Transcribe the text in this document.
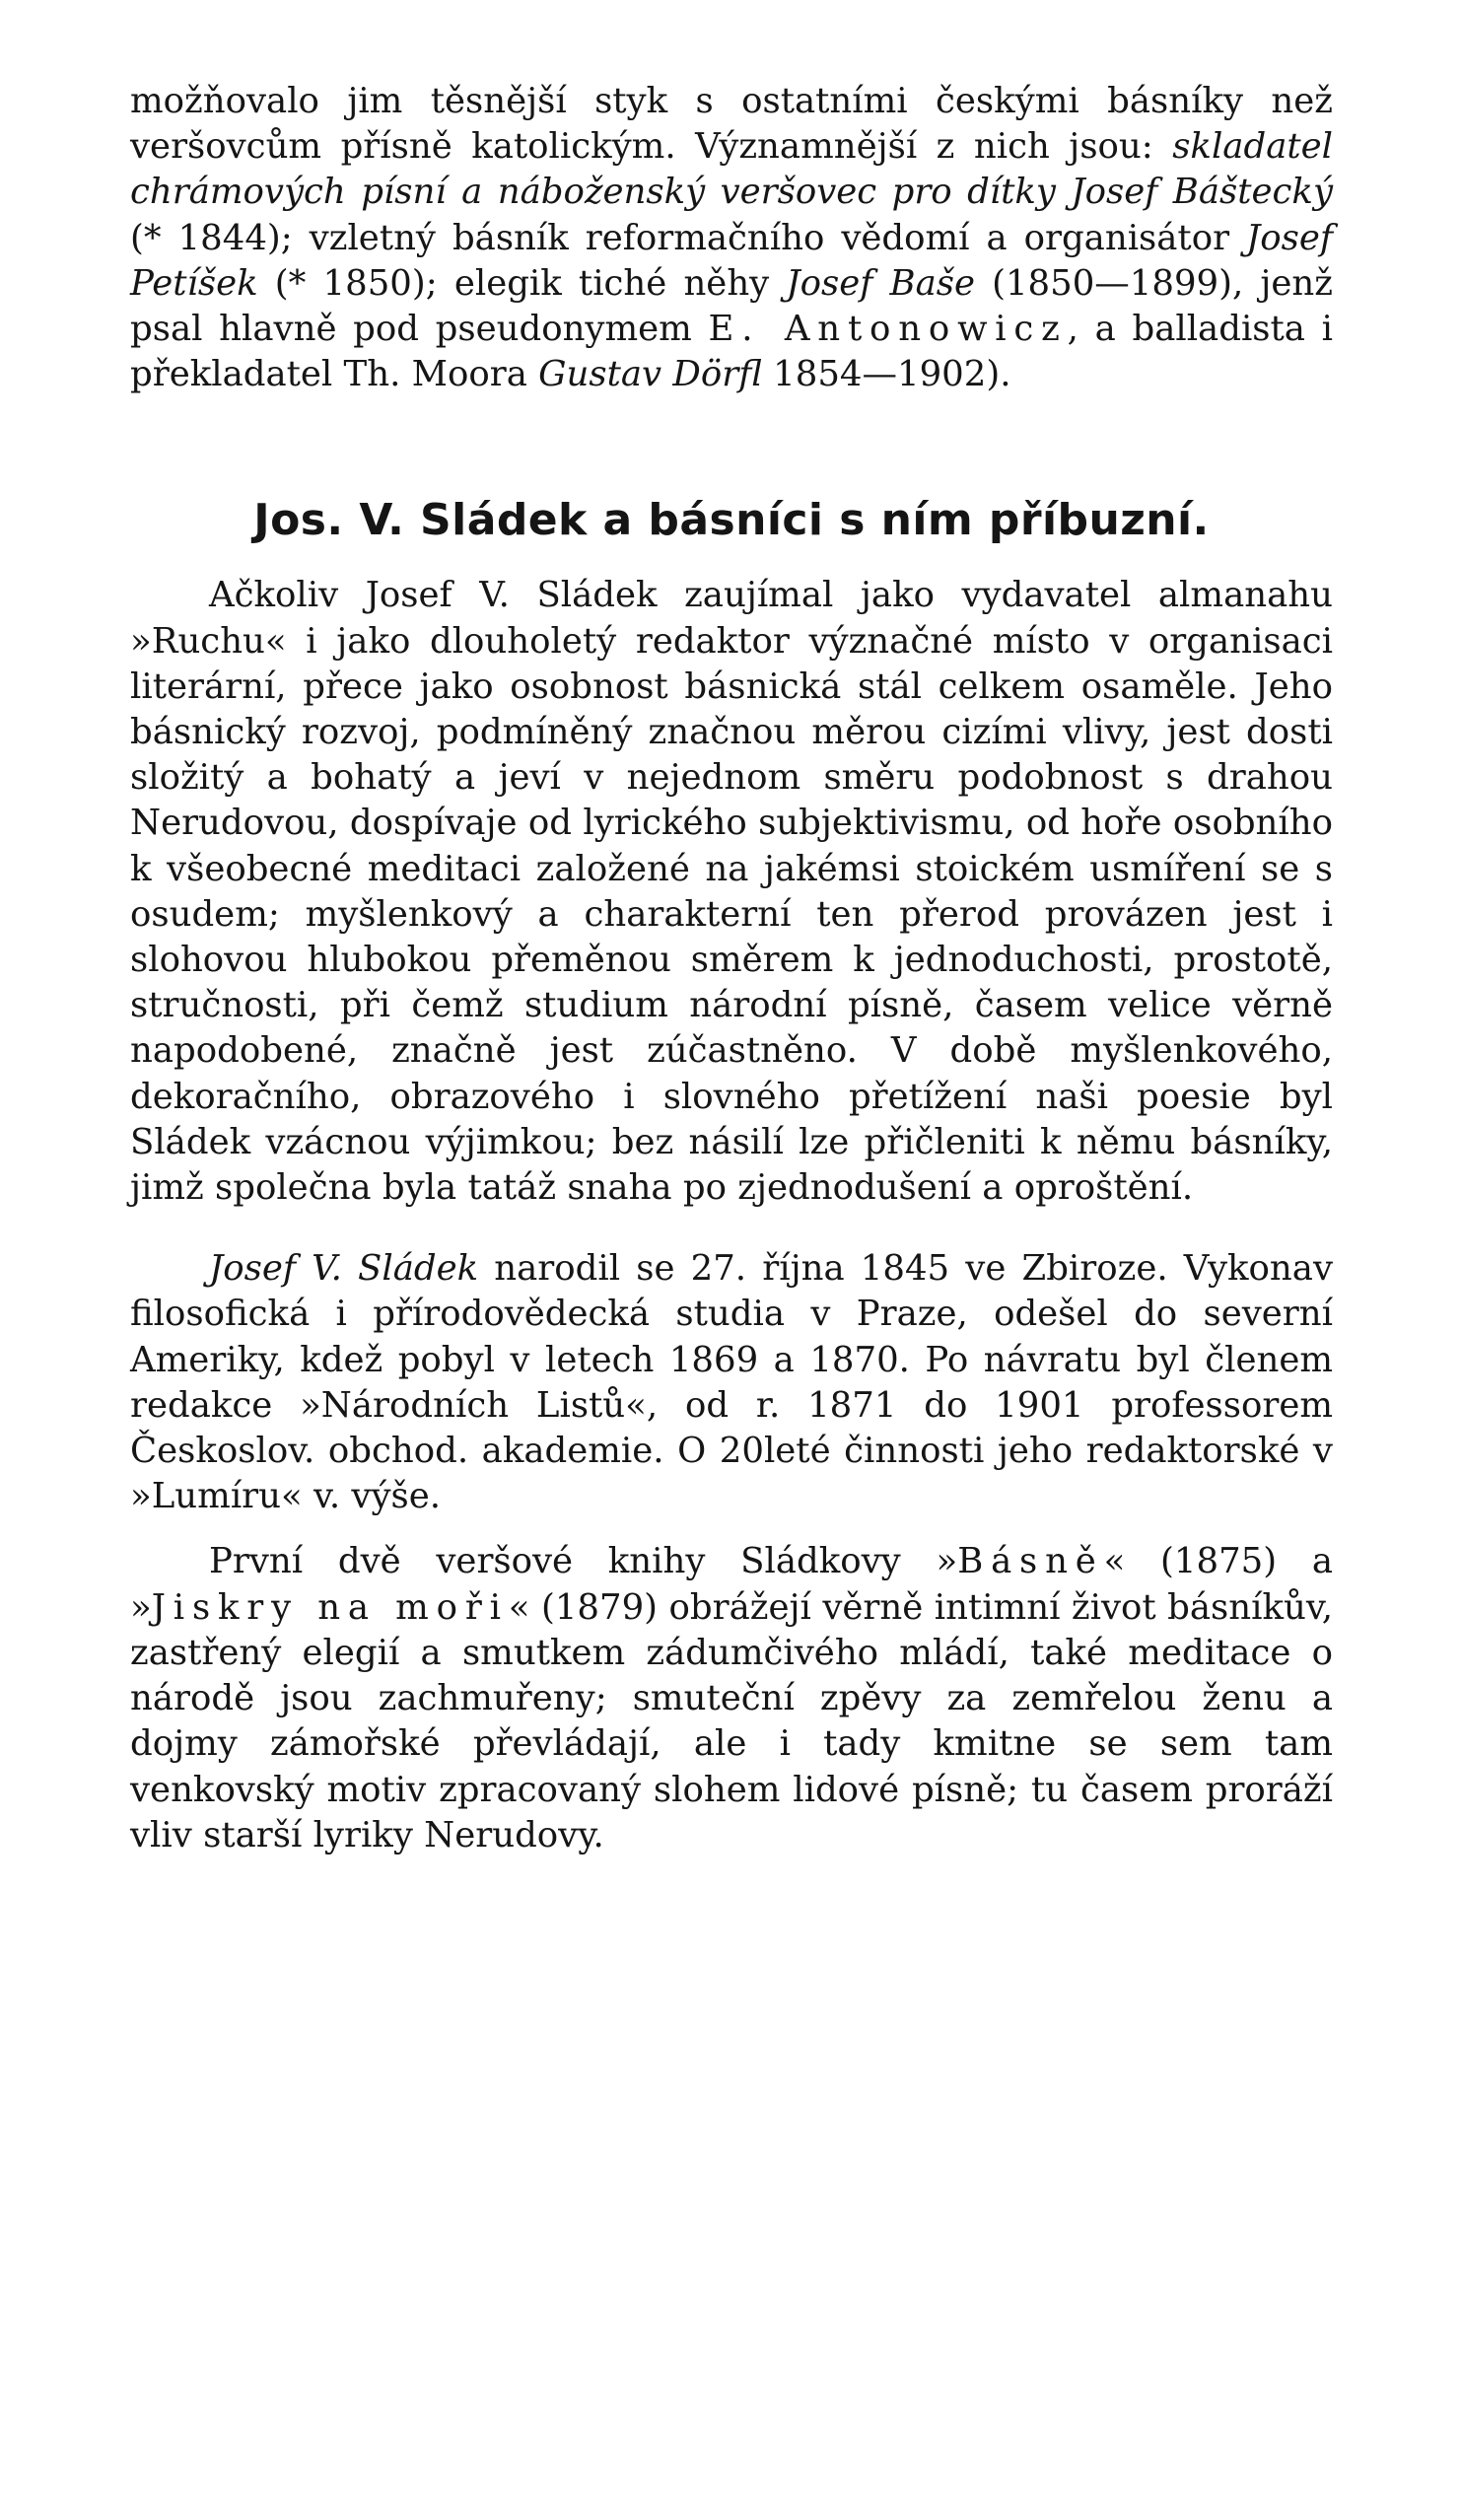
možňovalo jim těsnější styk s ostatními českými básníky než veršovcům přísně katolickým. Významnější z nich jsou: skladatel chrámových písní a náboženský veršovec pro dítky Josef Báštecký (* 1844); vzletný básník reformačního vědomí a organisátor Josef Petíšek (* 1850); elegik tiché něhy Josef Baše (1850—1899), jenž psal hlavně pod pseudonymem E. Antonowicz, a balladista i překladatel Th. Moora Gustav Dörfl 1854—1902).

Jos. V. Sládek a básníci s ním příbuzní.

Ačkoliv Josef V. Sládek zaujímal jako vydavatel almanahu »Ruchu« i jako dlouholetý redaktor význačné místo v organisaci literární, přece jako osobnost básnická stál celkem osaměle. Jeho básnický rozvoj, podmíněný značnou měrou cizími vlivy, jest dosti složitý a bohatý a jeví v nejednom směru podobnost s drahou Nerudovou, dospívaje od lyrického subjektivismu, od hoře osobního k všeobecné meditaci založené na jakémsi stoickém usmíření se s osudem; myšlenkový a charakterní ten přerod provázen jest i slohovou hlubokou přeměnou směrem k jednoduchosti, prostotě, stručnosti, při čemž studium národní písně, časem velice věrně napodobené, značně jest zúčastněno. V době myšlenkového, dekoračního, obrazového i slovného přetížení naši poesie byl Sládek vzácnou výjimkou; bez násilí lze přičleniti k němu básníky, jimž společna byla tatáž snaha po zjednodušení a oproštění.

Josef V. Sládek narodil se 27. října 1845 ve Zbiroze. Vykonav filosofická i přírodovědecká studia v Praze, odešel do severní Ameriky, kdež pobyl v letech 1869 a 1870. Po návratu byl členem redakce »Národních Listů«, od r. 1871 do 1901 professorem Českoslov. obchod. akademie. O 20leté činnosti jeho redaktorské v »Lumíru« v. výše.

První dvě veršové knihy Sládkovy »Básně« (1875) a »Jiskry na moři« (1879) obrážejí věrně intimní život básníkův, zastřený elegií a smutkem zádumčivého mládí, také meditace o národě jsou zachmuřeny; smuteční zpěvy za zemřelou ženu a dojmy zámořské převládají, ale i tady kmitne se sem tam venkovský motiv zpracovaný slohem lidové písně; tu časem proráží vliv starší lyriky Nerudovy.
